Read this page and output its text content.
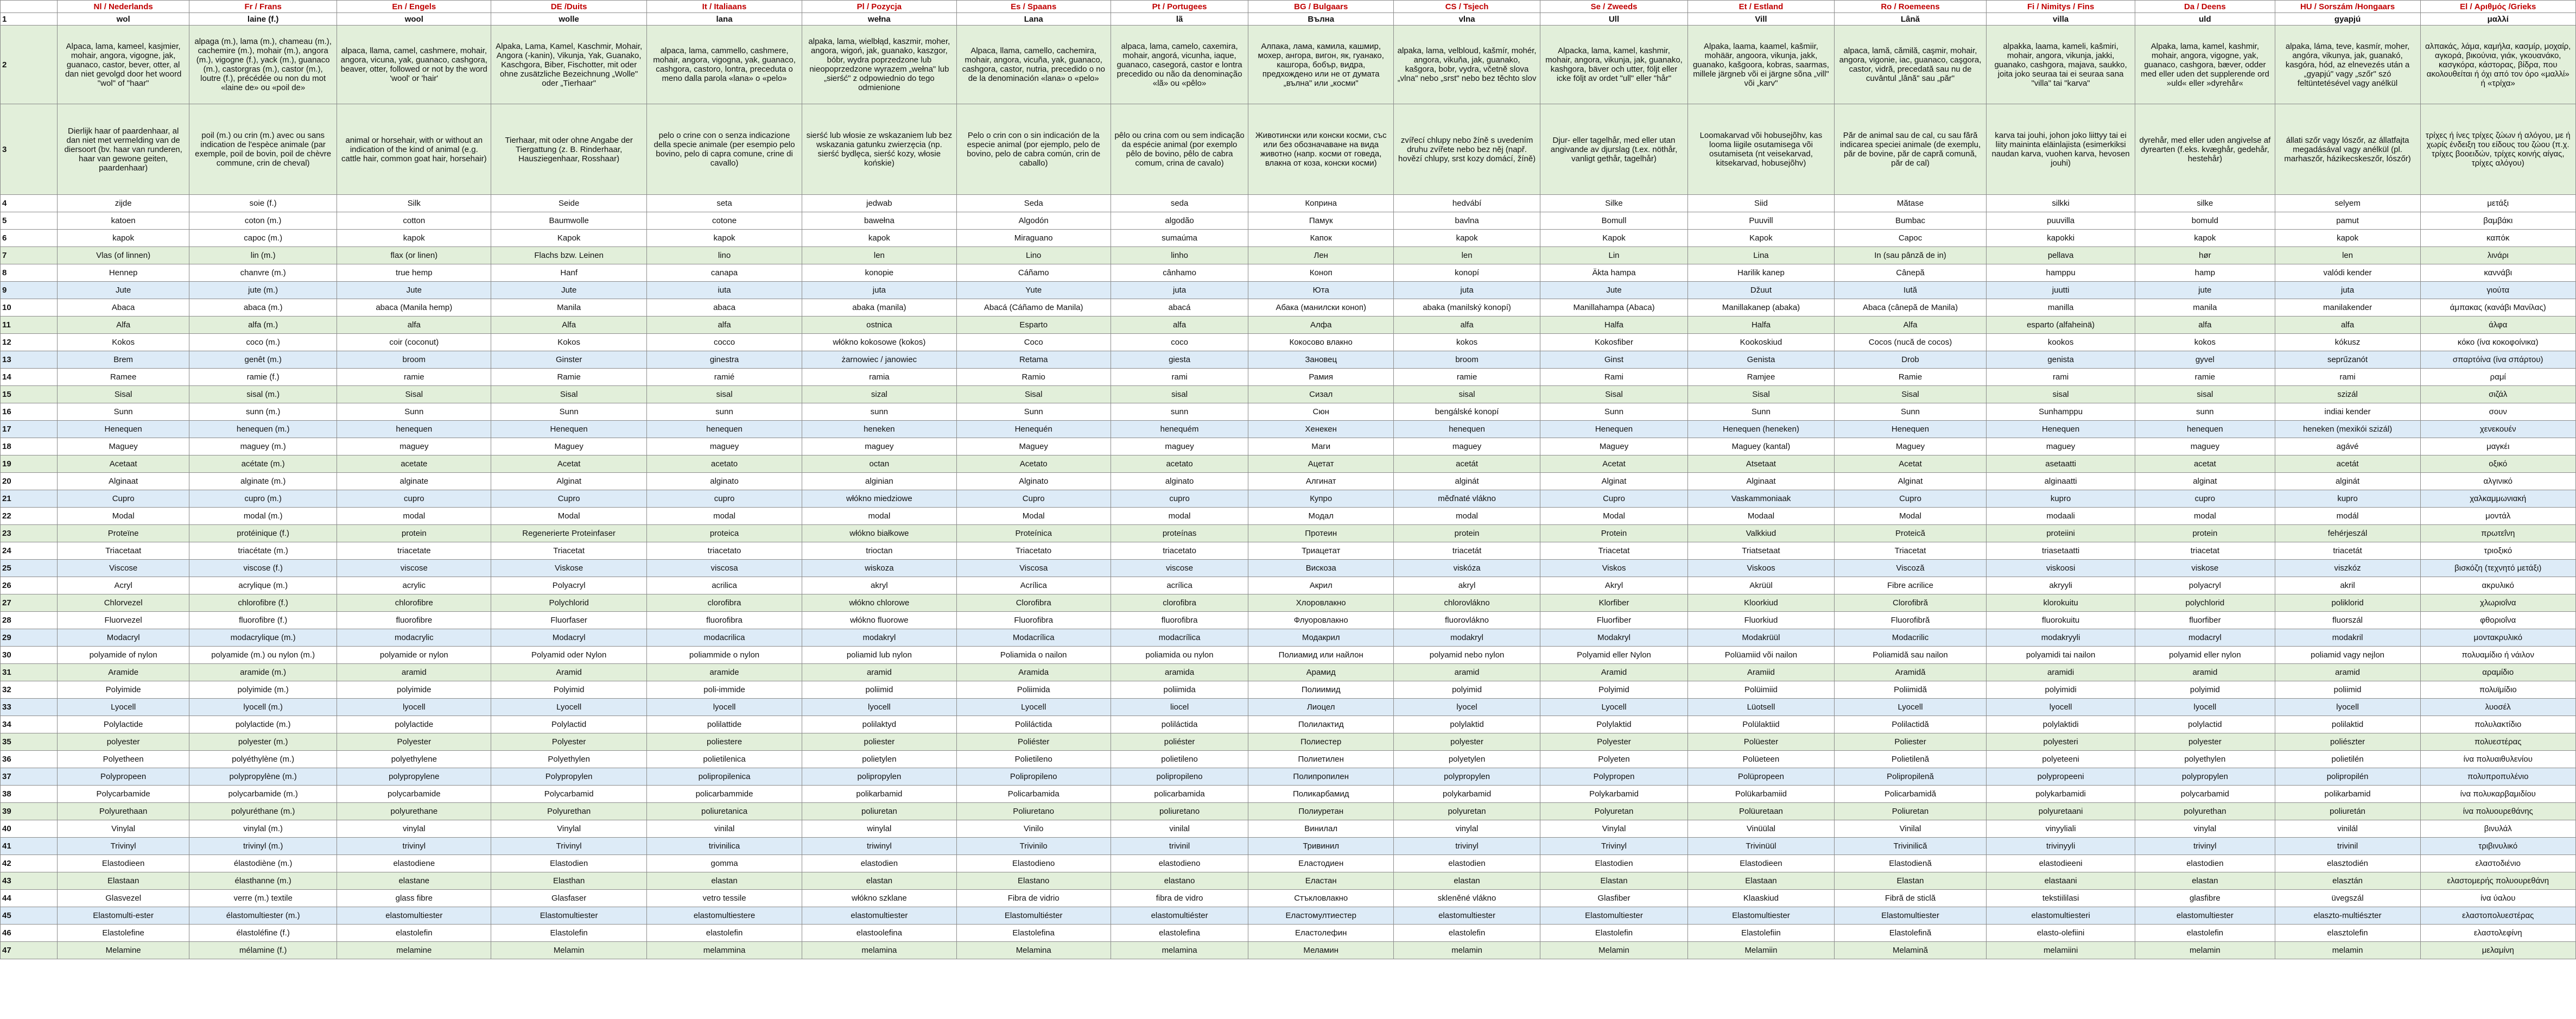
	Nl / Nederlands	Fr / Frans	En / Engels	DE /Duits	It / Italiaans	Pl / Pozycja	Es / Spaans	Pt / Portugees	BG / Bulgaars	CS / Tsjech	Se / Zweeds	Et / Estland	Ro / Roemeens	Fi / Nimitys / Fins	Da / Deens	HU / Sorszám /Hongaars	El / Αριθμός /Grieks
1	wol	laine (f.)	wool	wolle	lana	wełna	Lana	lã	Вълна	vlna	Ull	Vill	Lână	villa	uld	gyapjú	μαλλί
2	Alpaca, lama, kameel, kasjmier, mohair, angora, vigogne, jak, guanaco, castor, bever, otter, al dan niet gevolgd door het woord "wol" of "haar"	alpaga (m.), lama (m.), chameau (m.), cachemire (m.), mohair (m.), angora (m.), vigogne (f.), yack (m.), guanaco (m.), castorgras (m.), castor (m.), loutre (f.), précédée ou non du mot «laine de» ou «poil de»	alpaca, llama, camel, cashmere, mohair, angora, vicuna, yak, guanaco, cashgora, beaver, otter, followed or not by the word 'wool' or 'hair'	Alpaka, Lama, Kamel, Kaschmir, Mohair, Angora (-kanin), Vikunja, Yak, Guanako, Kaschgora, Biber, Fischotter, mit oder ohne zusätzliche Bezeichnung „Wolle" oder „Tierhaar"	alpaca, lama, cammello, cashmere, mohair, angora, vigogna, yak, guanaco, cashgora, castoro, lontra, preceduta o meno dalla parola «lana» o «pelo»	alpaka, lama, wielbłąd, kaszmir, moher, angora, wigoń, jak, guanako, kaszgor, bóbr, wydra poprzedzone lub nieopoprzedzone wyrazem „wełna" lub „sierść" z odpowiednio do tego odmienione	Alpaca, llama, camello, cachemira, mohair, angora, vicuña, yak, guanaco, cashgora, castor, nutria, precedido o no de la denominación «lana» o «pelo»	alpaca, lama, camelo, caxemira, mohair, angorá, vicunha, iaque, guanaco, casegorá, castor e lontra precedido ou não da denominação «lã» ou «pêlo»	Алпака, лама, камила, кашмир, мохер, ангора, вигон, як, гуанако, кашгора, бобър, видра, предхождено или не от думата „вълна" или „косми"	alpaka, lama, velbloud, kašmír, mohér, angora, vikuňa, jak, guanako, kašgora, bobr, vydra, včetně slova „vlna" nebo „srst" nebo bez těchto slov	Alpacka, lama, kamel, kashmir, mohair, angora, vikunja, jak, guanako, kashgora, bäver och utter, följt eller icke följt av ordet "ull" eller "hår"	Alpaka, laama, kaamel, kašmiir, mohäär, angoora, vikunja, jakk, guanako, kašgoora, kobras, saarmas, millele järgneb või ei järgne sõna „vill" või „karv"	alpaca, lamă, cămilă, caşmir, mohair, angora, vigonie, iac, guanaco, caşgora, castor, vidră, precedată sau nu de cuvântul „lână" sau „păr"	alpakka, laama, kameli, kašmiri, mohair, angora, vikunja, jakki, guanako, cashgora, majava, saukko, joita joko seuraa tai ei seuraa sana "villa" tai "karva"	Alpaka, lama, kamel, kashmir, mohair, angora, vigogne, yak, guanaco, cashgora, bæver, odder med eller uden det supplerende ord »uld« eller »dyrehår«	alpaka, láma, teve, kasmír, moher, angóra, vikunya, jak, guanakó, kasgóra, hód, az elnevezés után a „gyapjú" vagy „szőr" szó feltüntetésével vagy anélkül	αλπακάς, λάμα, καμήλα, κασμίρ, μοχαίρ, αγκορά, βικούνια, γιάκ, γκουανάκο, κασγκόρα, κάστορας, βίδρα, που ακολουθείται ή όχι από τον όρο «μαλλί» ή «τρίχα»
3	Dierlijk haar of paardenhaar, al dan niet met vermelding van de diersoort (bv. haar van runderen, haar van gewone geiten, paardenhaar)	poil (m.) ou crin (m.) avec ou sans indication de l'espèce animale (par exemple, poil de bovin, poil de chèvre commune, crin de cheval)	animal or horsehair, with or without an indication of the kind of animal (e.g. cattle hair, common goat hair, horsehair)	Tierhaar, mit oder ohne Angabe der Tiergattung (z. B. Rinderhaar, Hausziegenhaar, Rosshaar)	pelo o crine con o senza indicazione della specie animale (per esempio pelo bovino, pelo di capra comune, crine di cavallo)	sierść lub włosie ze wskazaniem lub bez wskazania gatunku zwierzęcia (np. sierść bydlęca, sierść kozy, włosie końskie)	Pelo o crin con o sin indicación de la especie animal (por ejemplo, pelo de bovino, pelo de cabra común, crin de caballo)	pêlo ou crina com ou sem indicação da espécie animal (por exemplo pêlo de bovino, pêlo de cabra comum, crina de cavalo)	Животински или конски косми, със или без обозначаване на вида животно (напр. косми от говеда, влакна от коза, конски косми)	zvířecí chlupy nebo žíně s uvedením druhu zvířete nebo bez něj (např. hovězí chlupy, srst kozy domácí, žíně)	Djur- eller tagelhår, med eller utan angivande av djurslag (t.ex. nöthår, vanligt gethår, tagelhår)	Loomakarvad või hobusejõhv, kas looma liigile osutamisega või osutamiseta (nt veisekarvad, kitsekarvad, hobusejõhv)	Păr de animal sau de cal, cu sau fără indicarea speciei animale (de exemplu, păr de bovine, păr de capră comună, păr de cal)	karva tai jouhi, johon joko liittyy tai ei liity maininta eläinlajista (esimerkiksi naudan karva, vuohen karva, hevosen jouhi)	dyrehår, med eller uden angivelse af dyrearten (f.eks. kvæghår, gedehår, hestehår)	állati szőr vagy lószőr, az állatfajta megadásával vagy anélkül (pl. marhaszőr, házikecskeszőr, lószőr)	τρίχες ή ίνες τρίχες ζώων ή αλόγου, με ή χωρίς ένδειξη του είδους του ζώου (π.χ. τρίχες βοοειδών, τρίχες κοινής αίγας, τρίχες αλόγου)
4	zijde	soie (f.)	Silk	Seide	seta	jedwab	Seda	seda	Коприна	hedvábí	Silke	Siid	Mătase	silkki	silke	selyem	μετάξι
5	katoen	coton (m.)	cotton	Baumwolle	cotone	bawełna	Algodón	algodão	Памук	bavlna	Bomull	Puuvill	Bumbac	puuvilla	bomuld	pamut	βαμβάκι
6	kapok	capoc (m.)	kapok	Kapok	kapok	kapok	Miraguano	sumaúma	Капок	kapok	Kapok	Kapok	Capoc	kapokki	kapok	kapok	καπόκ
7	Vlas (of linnen)	lin (m.)	flax (or linen)	Flachs bzw. Leinen	lino	len	Lino	linho	Лен	len	Lin	Lina	In (sau pânză de in)	pellava	hør	len	λινάρι
8	Hennep	chanvre (m.)	true hemp	Hanf	canapa	konopie	Cáñamo	cânhamo	Коноп	konopí	Äkta hampa	Harilik kanep	Cânepă	hamppu	hamp	valódi kender	καννάβι
9	Jute	jute (m.)	Jute	Jute	iuta	juta	Yute	juta	Юта	juta	Jute	Džuut	Iută	juutti	jute	juta	γιούτα
10	Abaca	abaca (m.)	abaca (Manila hemp)	Manila	abaca	abaka (manila)	Abacá (Cáñamo de Manila)	abacá	Абака (манилски коноп)	abaka (manilský konopí)	Manillahampa (Abaca)	Manillakanep (abaka)	Abaca (cânepă de Manila)	manilla	manila	manilakender	άμπακας (κανάβι Μανίλας)
11	Alfa	alfa (m.)	alfa	Alfa	alfa	ostnica	Esparto	alfa	Алфа	alfa	Halfa	Halfa	Alfa	esparto (alfaheinä)	alfa	alfa	άλφα
12	Kokos	coco (m.)	coir (coconut)	Kokos	cocco	włókno kokosowe (kokos)	Coco	coco	Кокосово влакно	kokos	Kokosfiber	Kookoskiud	Cocos (nucă de cocos)	kookos	kokos	kókusz	κόκο (ίνα κοκοφοίνικα)
13	Brem	genêt (m.)	broom	Ginster	ginestra	żarnowiec / janowiec	Retama	giesta	Зановец	broom	Ginst	Genista	Drob	genista	gyvel	seprűzanót	σπαρτόίνα (ίνα σπάρτου)
14	Ramee	ramie (f.)	ramie	Ramie	ramié	ramia	Ramio	rami	Рамия	ramie	Rami	Ramjee	Ramie	rami	ramie	rami	ραμί
15	Sisal	sisal (m.)	Sisal	Sisal	sisal	sizal	Sisal	sisal	Сизал	sisal	Sisal	Sisal	Sisal	sisal	sisal	szizál	σιζάλ
16	Sunn	sunn (m.)	Sunn	Sunn	sunn	sunn	Sunn	sunn	Сюн	bengálské konopí	Sunn	Sunn	Sunn	Sunhamppu	sunn	indiai kender	σουν
17	Henequen	henequen (m.)	henequen	Henequen	henequen	heneken	Henequén	henequém	Хенекен	henequen	Henequen	Henequen (heneken)	Henequen	Henequen	henequen	heneken (mexikói szizál)	χενεκουέν
18	Maguey	maguey (m.)	maguey	Maguey	maguey	maguey	Maguey	maguey	Маги	maguey	Maguey	Maguey (kantal)	Maguey	maguey	maguey	agávé	μαγκέι
19	Acetaat	acétate (m.)	acetate	Acetat	acetato	octan	Acetato	acetato	Ацетат	acetát	Acetat	Atsetaat	Acetat	asetaatti	acetat	acetát	οξικό
20	Alginaat	alginate (m.)	alginate	Alginat	alginato	alginian	Alginato	alginato	Алгинат	alginát	Alginat	Alginaat	Alginat	alginaatti	alginat	alginát	αλγινικό
21	Cupro	cupro (m.)	cupro	Cupro	cupro	włókno miedziowe	Cupro	cupro	Купро	měďnaté vlákno	Cupro	Vaskammoniaak	Cupro	kupro	cupro	kupro	χαλκαμμωνιακή
22	Modal	modal (m.)	modal	Modal	modal	modal	Modal	modal	Модал	modal	Modal	Modaal	Modal	modaali	modal	modál	μοντάλ
23	Proteïne	protéinique (f.)	protein	Regenerierte Proteinfaser	proteica	włókno białkowe	Proteínica	proteínas	Протеин	protein	Protein	Valkkiud	Proteică	proteiini	protein	fehérjeszál	πρωτεΐνη
24	Triacetaat	triacétate (m.)	triacetate	Triacetat	triacetato	trioctan	Triacetato	triacetato	Триацетат	triacetát	Triacetat	Triatsetaat	Triacetat	triasetaatti	triacetat	triacetát	τριοξικό
25	Viscose	viscose (f.)	viscose	Viskose	viscosa	wiskoza	Viscosa	viscose	Вискоза	viskóza	Viskos	Viskoos	Viscoză	viskoosi	viskose	viszkóz	βισκόζη (τεχνητό μετάξι)
26	Acryl	acrylique (m.)	acrylic	Polyacryl	acrilica	akryl	Acrílica	acrílica	Акрил	akryl	Akryl	Akrüül	Fibre acrilice	akryyli	polyacryl	akril	ακρυλικό
27	Chlorvezel	chlorofibre (f.)	chlorofibre	Polychlorid	clorofibra	włókno chlorowe	Clorofibra	clorofibra	Хлоровлакно	chlorovlákno	Klorfiber	Kloorkiud	Clorofibră	klorokuitu	polychlorid	poliklorid	χλωριοΐνα
28	Fluorvezel	fluorofibre (f.)	fluorofibre	Fluorfaser	fluorofibra	włókno fluorowe	Fluorofibra	fluorofibra	Флуоровлакно	fluorovlákno	Fluorfiber	Fluorkiud	Fluorofibră	fluorokuitu	fluorfiber	fluorszál	φθοριοΐνα
29	Modacryl	modacrylique (m.)	modacrylic	Modacryl	modacrilica	modakryl	Modacrílica	modacrílica	Модакрил	modakryl	Modakryl	Modakrüül	Modacrilic	modakryyli	modacryl	modakril	μοντακρυλικό
30	polyamide of nylon	polyamide (m.) ou nylon (m.)	polyamide or nylon	Polyamid oder Nylon	poliammide o nylon	poliamid lub nylon	Poliamida o nailon	poliamida ou nylon	Полиамид или найлон	polyamid nebo nylon	Polyamid eller Nylon	Polüamiid või nailon	Poliamidă sau nailon	polyamidi tai nailon	polyamid eller nylon	poliamid vagy nejlon	πολυαμίδιο ή νάιλον
31	Aramide	aramide (m.)	aramid	Aramid	aramide	aramid	Aramida	aramida	Арамид	aramid	Aramid	Aramiid	Aramidă	aramidi	aramid	aramid	αραμίδιο
32	Polyimide	polyimide (m.)	polyimide	Polyimid	poli-immide	poliimid	Poliimida	poliimida	Полиимид	polyimid	Polyimid	Polüimiid	Poliimidă	polyimidi	polyimid	poliimid	πολυϊμίδιο
33	Lyocell	lyocell (m.)	lyocell	Lyocell	lyocell	lyocell	Lyocell	liocel	Лиоцел	lyocel	Lyocell	Lüotsell	Lyocell	lyocell	lyocell	lyocell	λυοσέλ
34	Polylactide	polylactide (m.)	polylactide	Polylactid	polilattide	polilaktyd	Poliláctida	poliláctida	Полилактид	polylaktid	Polylaktid	Polülaktiid	Polilactidă	polylaktidi	polylactid	polilaktid	πολυλακτίδιο
35	polyester	polyester (m.)	Polyester	Polyester	poliestere	poliester	Poliéster	poliéster	Полиестер	polyester	Polyester	Polüester	Poliester	polyesteri	polyester	poliészter	πολυεστέρας
36	Polyetheen	polyéthylène (m.)	polyethylene	Polyethylen	polietilenica	polietylen	Polietileno	polietileno	Полиетилен	polyetylen	Polyeten	Polüeteen	Polietilenă	polyeteeni	polyethylen	polietilén	ίνα πολυαιθυλενίου
37	Polypropeen	polypropylène (m.)	polypropylene	Polypropylen	polipropilenica	polipropylen	Polipropileno	polipropileno	Полипропилен	polypropylen	Polypropen	Polüpropeen	Polipropilenă	polypropeeni	polypropylen	polipropilén	πολυπροπυλένιο
38	Polycarbamide	polycarbamide (m.)	polycarbamide	Polycarbamid	policarbammide	polikarbamid	Policarbamida	policarbamida	Поликарбамид	polykarbamid	Polykarbamid	Polükarbamiid	Policarbamidă	polykarbamidi	polycarbamid	polikarbamid	ίνα πολυκαρβαμιδίου
39	Polyurethaan	polyuréthane (m.)	polyurethane	Polyurethan	poliuretanica	poliuretan	Poliuretano	poliuretano	Полиуретан	polyuretan	Polyuretan	Polüuretaan	Poliuretan	polyuretaani	polyurethan	poliuretán	ίνα πολυουρεθάνης
40	Vinylal	vinylal (m.)	vinylal	Vinylal	vinilal	winylal	Vinilo	vinilal	Винилал	vinylal	Vinylal	Vinüülal	Vinilal	vinyyliali	vinylal	vinilál	βινυλάλ
41	Trivinyl	trivinyl (m.)	trivinyl	Trivinyl	trivinilica	triwinyl	Trivinilo	trivinil	Тривинил	trivinyl	Trivinyl	Trivinüül	Trivinilică	trivinyyli	trivinyl	trivinil	τριβινυλικό
42	Elastodieen	élastodiène (m.)	elastodiene	Elastodien	gomma	elastodien	Elastodieno	elastodieno	Еластодиен	elastodien	Elastodien	Elastodieen	Elastodienă	elastodieeni	elastodien	elasztodién	ελαστοδιένιο
43	Elastaan	élasthanne (m.)	elastane	Elasthan	elastan	elastan	Elastano	elastano	Еластан	elastan	Elastan	Elastaan	Elastan	elastaani	elastan	elasztán	ελαστομερής πολυουρεθάνη
44	Glasvezel	verre (m.) textile	glass fibre	Glasfaser	vetro tessile	włókno szklane	Fibra de vidrio	fibra de vidro	Стъкловлакно	skleněné vlákno	Glasfiber	Klaaskiud	Fibră de sticlă	tekstiililasi	glasfibre	üvegszál	ίνα ύαλου
45	Elastomulti-ester	élastomultiester (m.)	elastomultiester	Elastomultiester	elastomultiestere	elastomultiester	Elastomultiéster	elastomultiéster	Еластомултиестер	elastomultiester	Elastomultiester	Elastomultiester	Elastomultiester	elastomultiesteri	elastomultiester	elaszto-multiészter	ελαστοπολυεστέρας
46	Elastolefine	élastoléfine (f.)	elastolefin	Elastolefin	elastolefin	elastoolefina	Elastolefina	elastolefina	Еластолефин	elastolefin	Elastolefin	Elastolefiin	Elastolefină	elasto-olefiini	elastolefin	elasztolefin	ελαστολεφίνη
47	Melamine	mélamine (f.)	melamine	Melamin	melammina	melamina	Melamina	melamina	Меламин	melamin	Melamin	Melamiin	Melamină	melamiini	melamin	melamin	μελαμίνη
